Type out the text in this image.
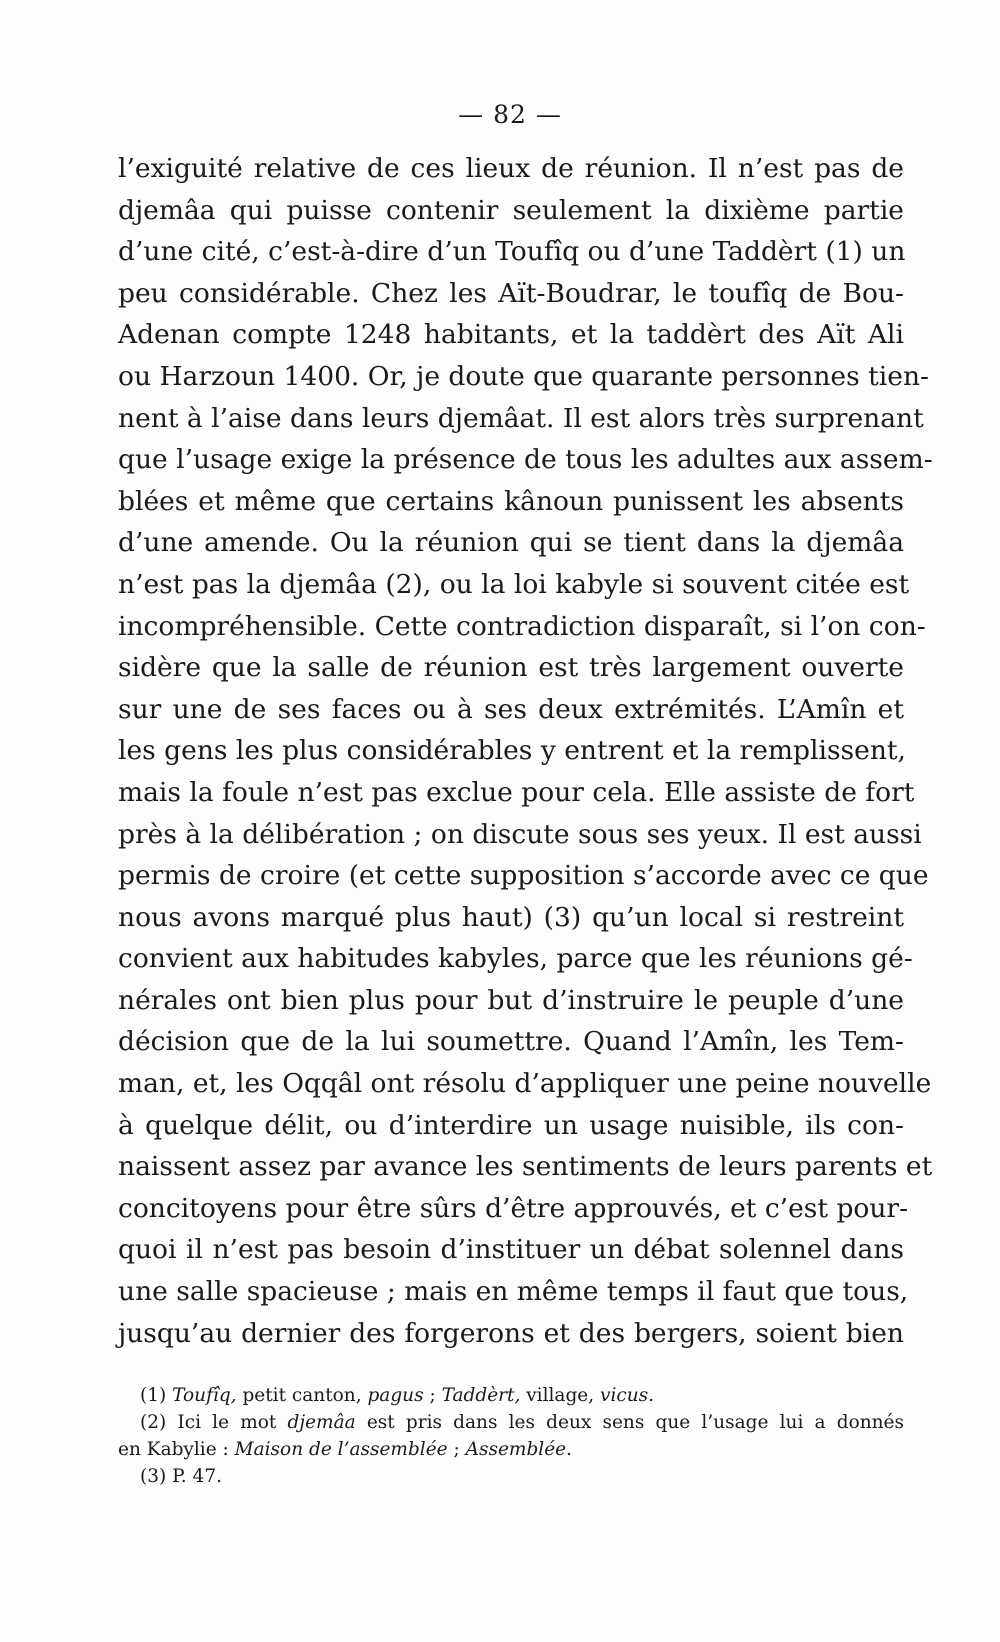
— 82 —
l’exiguité relative de ces lieux de réunion. Il n’est pas de
djemâa qui puisse contenir seulement la dixième partie
d’une cité, c’est-à-dire d’un Toufîq ou d’une Taddèrt (1) un
peu considérable. Chez les Aït-Boudrar, le toufîq de Bou-
Adenan compte 1248 habitants, et la taddèrt des Aït Ali
ou Harzoun 1400. Or, je doute que quarante personnes tien-
nent à l’aise dans leurs djemâat. Il est alors très surprenant
que l’usage exige la présence de tous les adultes aux assem-
blées et même que certains kânoun punissent les absents
d’une amende. Ou la réunion qui se tient dans la djemâa
n’est pas la djemâa (2), ou la loi kabyle si souvent citée est
incompréhensible. Cette contradiction disparaît, si l’on con-
sidère que la salle de réunion est très largement ouverte
sur une de ses faces ou à ses deux extrémités. L’Amîn et
les gens les plus considérables y entrent et la remplissent,
mais la foule n’est pas exclue pour cela. Elle assiste de fort
près à la délibération ; on discute sous ses yeux. Il est aussi
permis de croire (et cette supposition s’accorde avec ce que
nous avons marqué plus haut) (3) qu’un local si restreint
convient aux habitudes kabyles, parce que les réunions gé-
nérales ont bien plus pour but d’instruire le peuple d’une
décision que de la lui soumettre. Quand l’Amîn, les Tem-
man, et, les Oqqâl ont résolu d’appliquer une peine nouvelle
à quelque délit, ou d’interdire un usage nuisible, ils con-
naissent assez par avance les sentiments de leurs parents et
concitoyens pour être sûrs d’être approuvés, et c’est pour-
quoi il n’est pas besoin d’instituer un débat solennel dans
une salle spacieuse ; mais en même temps il faut que tous,
jusqu’au dernier des forgerons et des bergers, soient bien
(1) Toufîq, petit canton, pagus ; Taddèrt, village, vicus.
(2) Ici le mot djemâa est pris dans les deux sens que l’usage lui a donnés
en Kabylie : Maison de l’assemblée ; Assemblée.
(3) P. 47.
